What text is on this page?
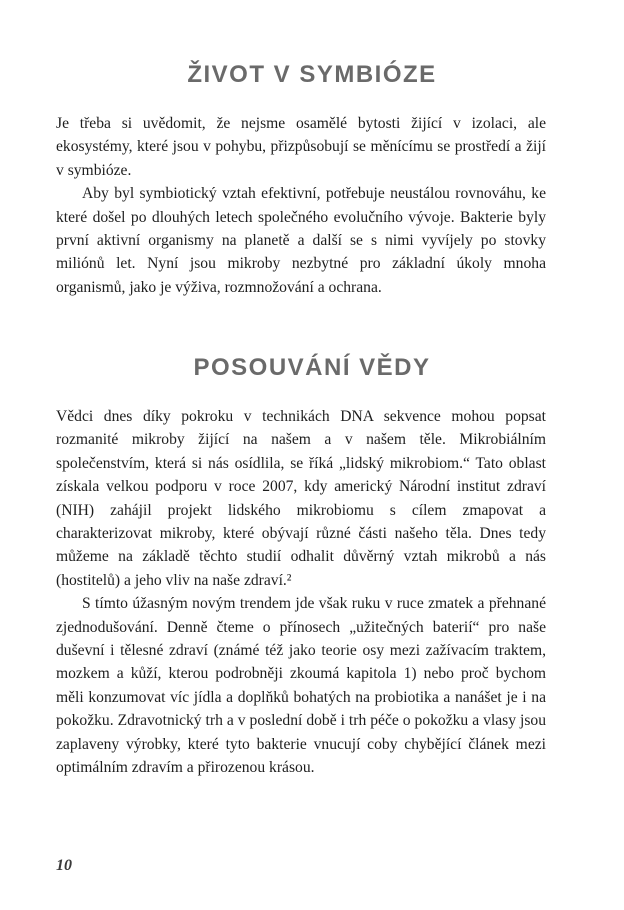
ŽIVOT V SYMBIÓZE

Je třeba si uvědomit, že nejsme osamělé bytosti žijící v izolaci, ale ekosystémy, které jsou v pohybu, přizpůsobují se měnícímu se prostředí a žijí v symbióze.

Aby byl symbiotický vztah efektivní, potřebuje neustálou rovnováhu, ke které došel po dlouhých letech společného evolučního vývoje. Bakterie byly první aktivní organismy na planetě a další se s nimi vyvíjely po stovky miliónů let. Nyní jsou mikroby nezbytné pro základní úkoly mnoha organismů, jako je výživa, rozmnožování a ochrana.

POSOUVÁNÍ VĚDY

Vědci dnes díky pokroku v technikách DNA sekvence mohou popsat rozmanité mikroby žijící na našem a v našem těle. Mikrobiálním společenstvím, která si nás osídlila, se říká „lidský mikrobiom.“ Tato oblast získala velkou podporu v roce 2007, kdy americký Národní institut zdraví (NIH) zahájil projekt lidského mikrobiomu s cílem zmapovat a charakterizovat mikroby, které obývají různé části našeho těla. Dnes tedy můžeme na základě těchto studií odhalit důvěrný vztah mikrobů a nás (hostitelů) a jeho vliv na naše zdraví.²

S tímto úžasným novým trendem jde však ruku v ruce zmatek a přehnané zjednodušování. Denně čteme o přínosech „užitečných baterií“ pro naše duševní i tělesné zdraví (známé též jako teorie osy mezi zažívacím traktem, mozkem a kůží, kterou podrobněji zkoumá kapitola 1) nebo proč bychom měli konzumovat víc jídla a doplňků bohatých na probiotika a nanášet je i na pokožku. Zdravotnický trh a v poslední době i trh péče o pokožku a vlasy jsou zaplaveny výrobky, které tyto bakterie vnucují coby chybějící článek mezi optimálním zdravím a přirozenou krásou.

10
